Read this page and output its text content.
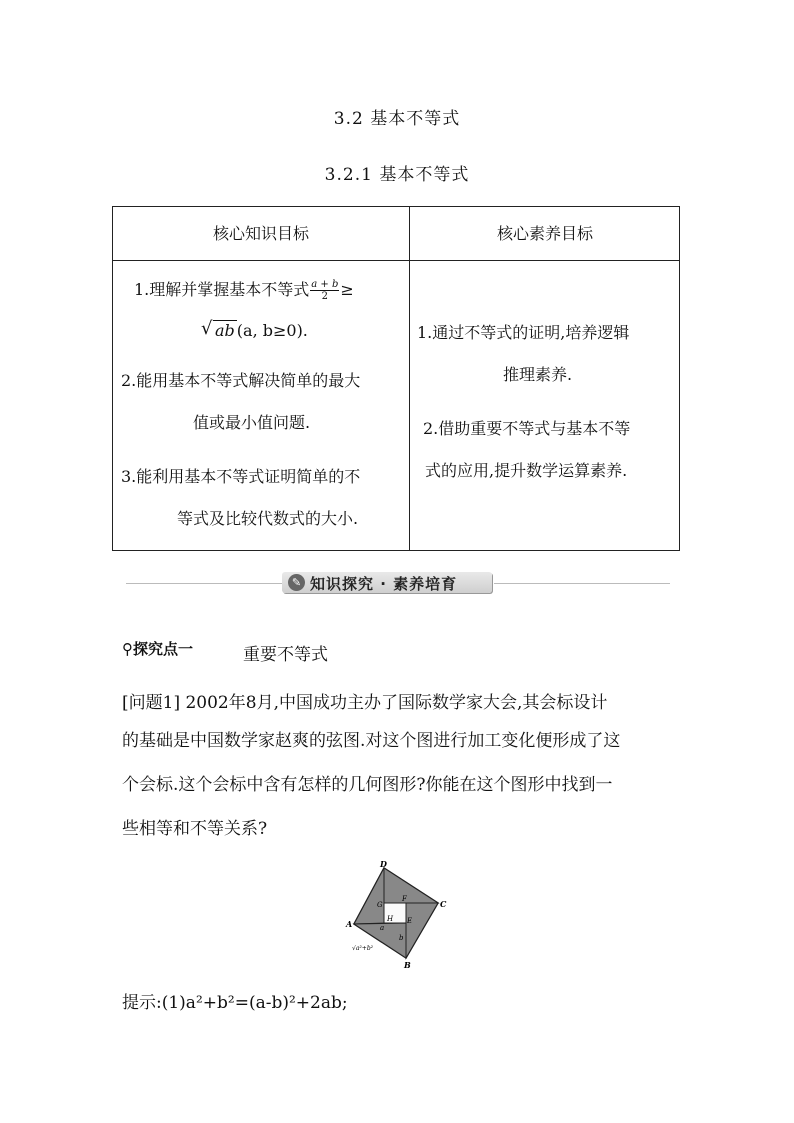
3.2 基本不等式
3.2.1 基本不等式
核心知识目标	核心素养目标
1.理解并掌握基本不等式 $\frac{a + b}{2}$ ≥
√ ab (a, b≥0).
2.能用基本不等式解决简单的最大
值或最小值问题.
3.能利用基本不等式证明简单的不
等式及比较代数式的大小.
1.通过不等式的证明,培养逻辑
推理素养.
2.借助重要不等式与基本不等
式的应用,提升数学运算素养.
✎ 知识探究 · 素养培育
⚲探究点一	重要不等式
[问题1] 2002年8月,中国成功主办了国际数学家大会,其会标设计
的基础是中国数学家赵爽的弦图.对这个图进行加工变化便形成了这
个会标.这个会标中含有怎样的几何图形?你能在这个图形中找到一
些相等和不等关系?
D
C
B
A
G
F
E
H
a
b
√a²+b²
提示:(1)a²+b²=(a-b)²+2ab;
